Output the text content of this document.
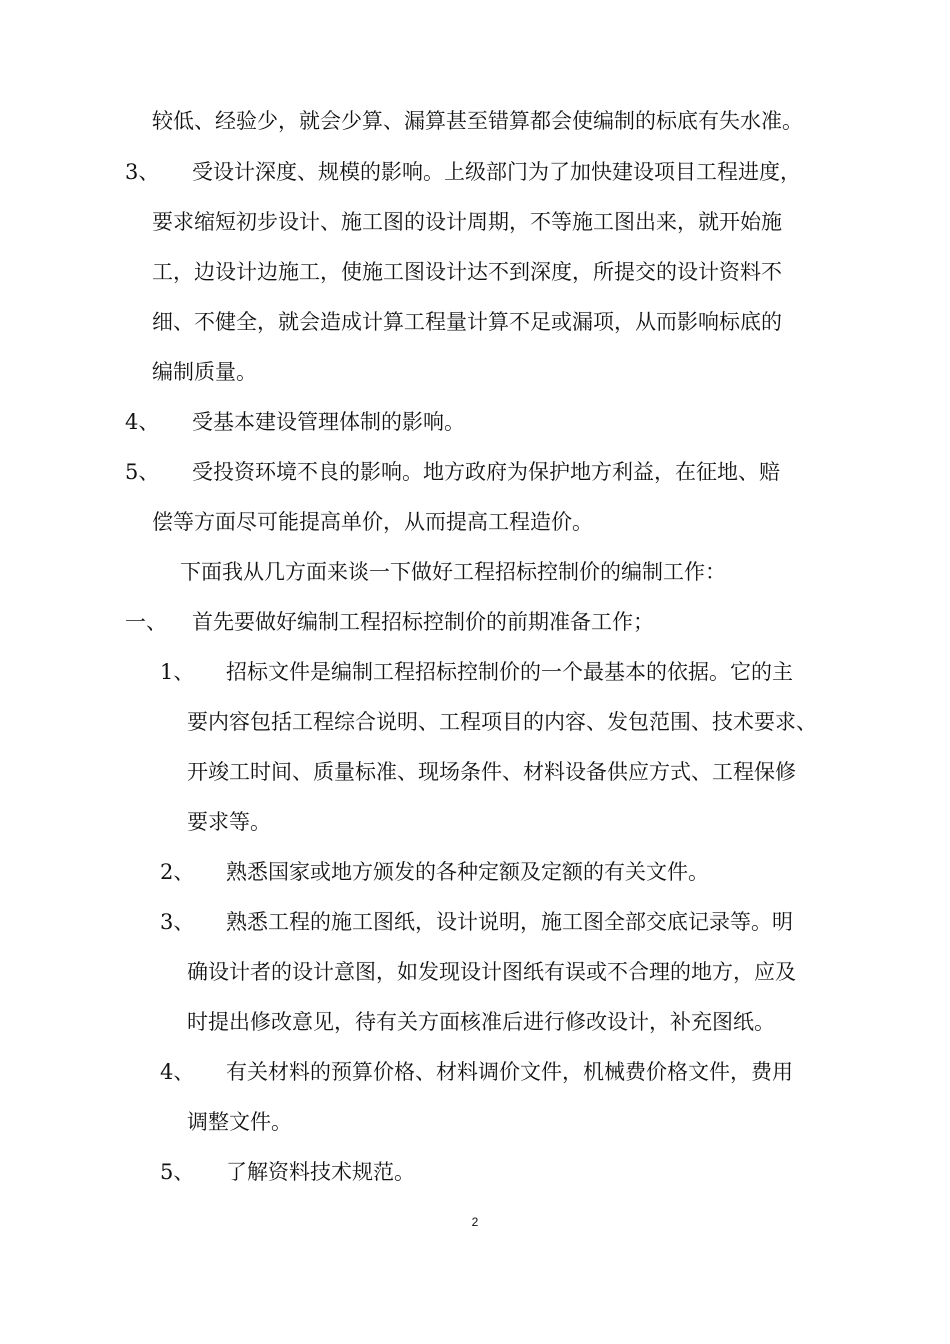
较低、经验少，就会少算、漏算甚至错算都会使编制的标底有失水准。
3、 受设计深度、规模的影响。上级部门为了加快建设项目工程进度，
要求缩短初步设计、施工图的设计周期，不等施工图出来，就开始施
工，边设计边施工，使施工图设计达不到深度，所提交的设计资料不
细、不健全，就会造成计算工程量计算不足或漏项，从而影响标底的
编制质量。
4、 受基本建设管理体制的影响。
5、 受投资环境不良的影响。地方政府为保护地方利益，在征地、赔
偿等方面尽可能提高单价，从而提高工程造价。
下面我从几方面来谈一下做好工程招标控制价的编制工作：
一、 首先要做好编制工程招标控制价的前期准备工作；
1、 招标文件是编制工程招标控制价的一个最基本的依据。它的主
要内容包括工程综合说明、工程项目的内容、发包范围、技术要求、
开竣工时间、质量标准、现场条件、材料设备供应方式、工程保修
要求等。
2、 熟悉国家或地方颁发的各种定额及定额的有关文件。
3、 熟悉工程的施工图纸，设计说明，施工图全部交底记录等。明
确设计者的设计意图，如发现设计图纸有误或不合理的地方，应及
时提出修改意见，待有关方面核准后进行修改设计，补充图纸。
4、 有关材料的预算价格、材料调价文件，机械费价格文件，费用
调整文件。
5、 了解资料技术规范。
2
